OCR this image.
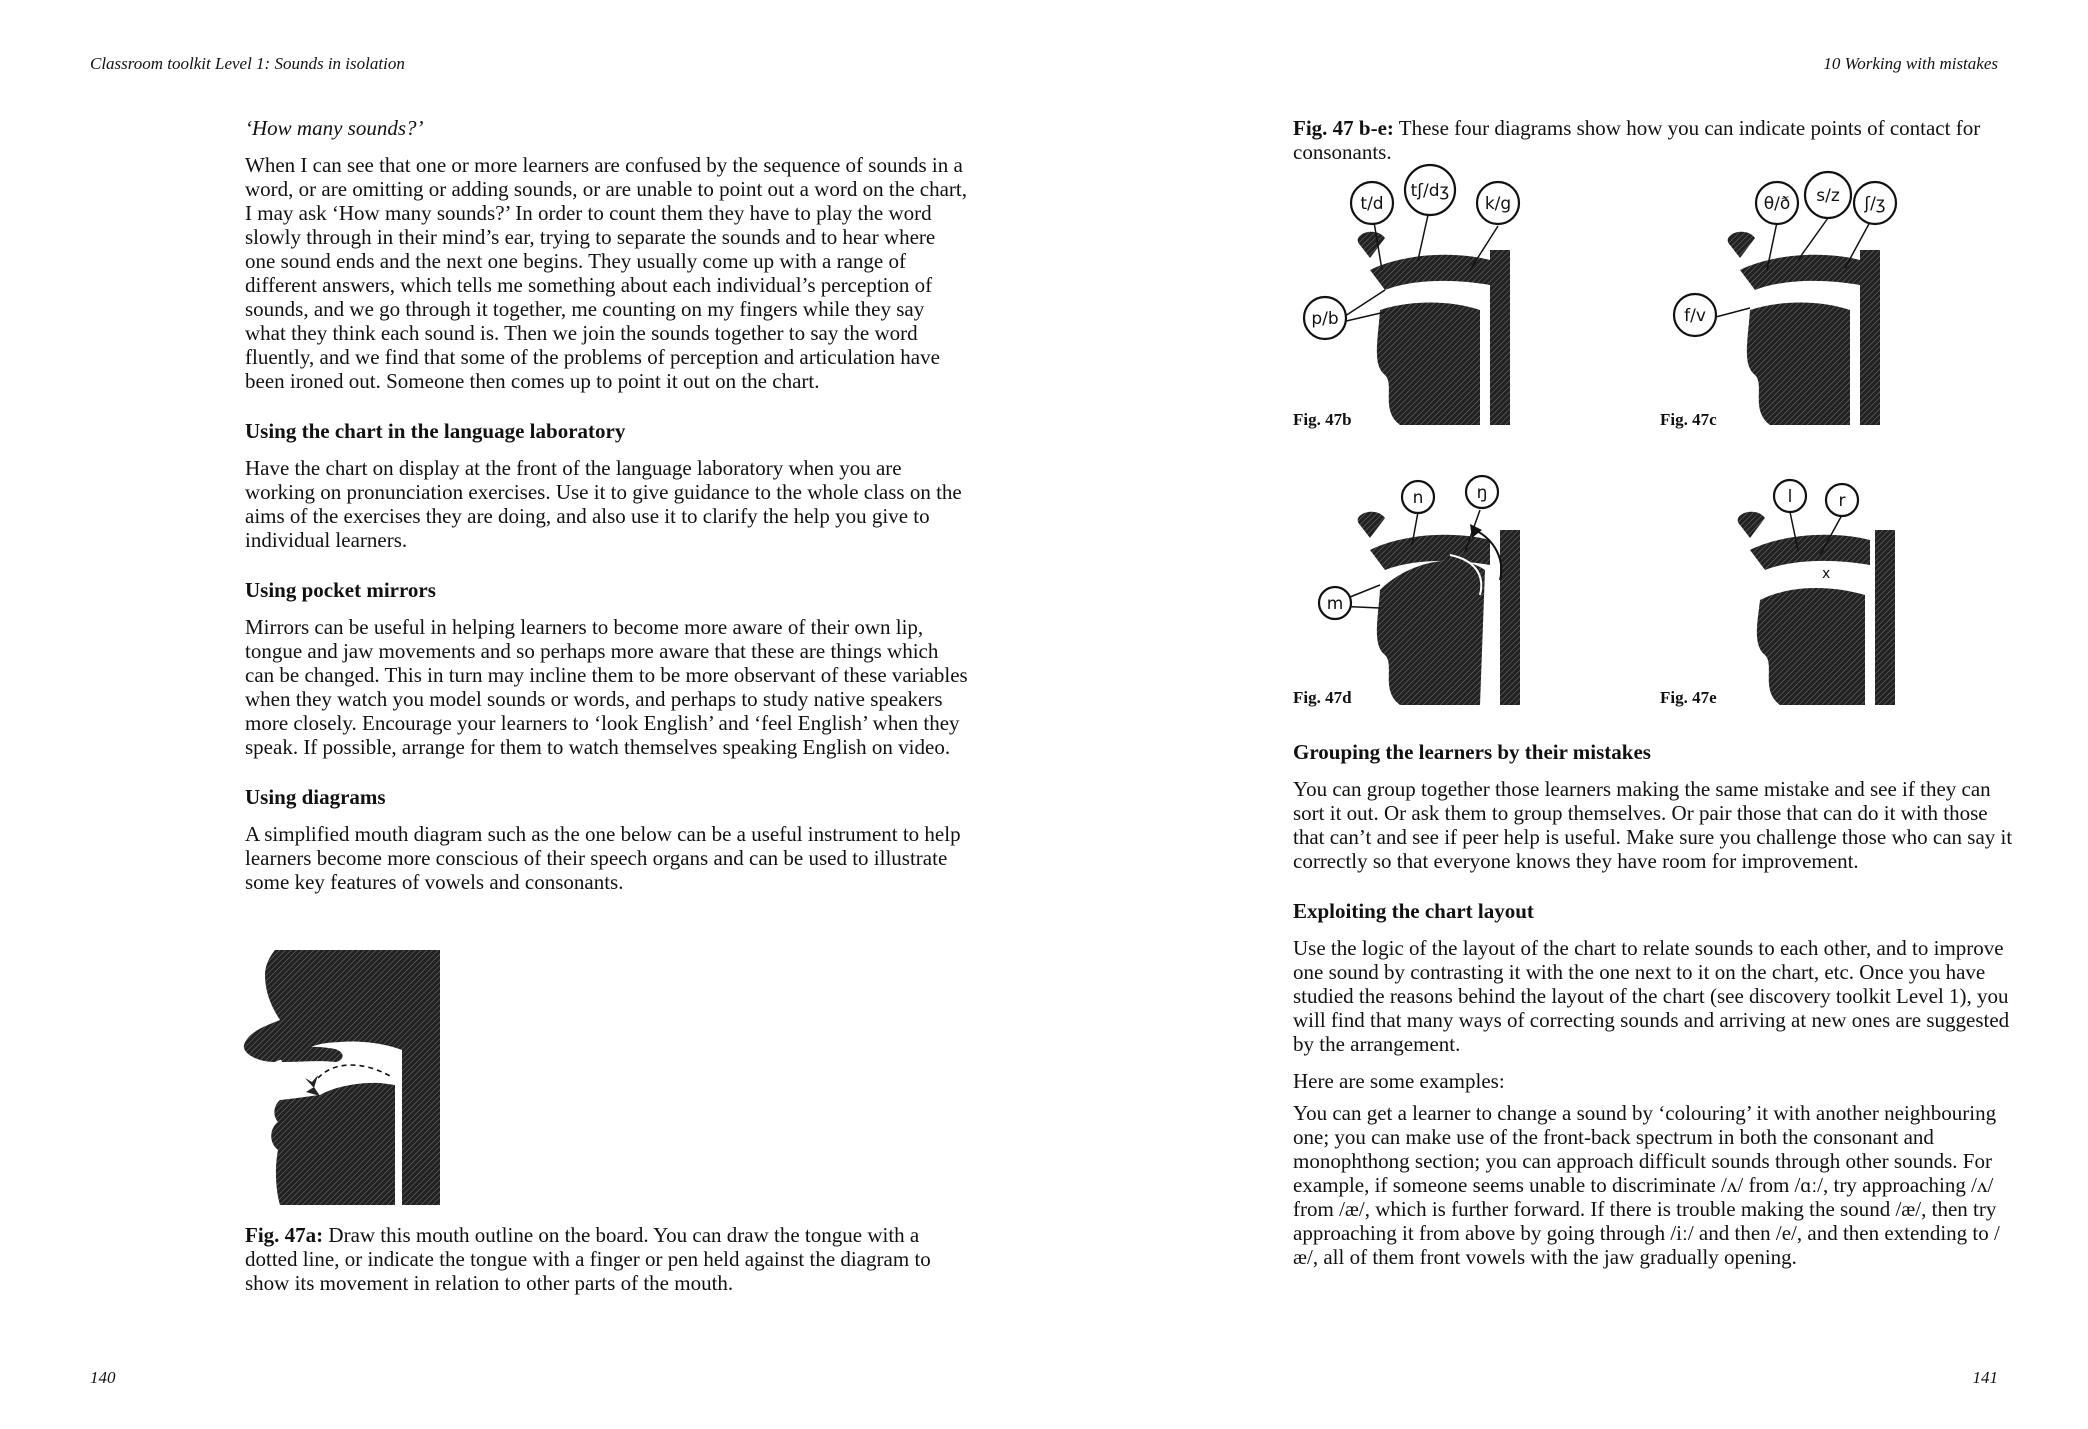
Classroom toolkit Level 1: Sounds in isolation	10 Working with mistakes

‘How many sounds?’

When I can see that one or more learners are confused by the sequence of sounds in a word, or are omitting or adding sounds, or are unable to point out a word on the chart, I may ask ‘How many sounds?’ In order to count them they have to play the word slowly through in their mind’s ear, trying to separate the sounds and to hear where one sound ends and the next one begins. They usually come up with a range of different answers, which tells me something about each individual’s perception of sounds, and we go through it together, me counting on my fingers while they say what they think each sound is. Then we join the sounds together to say the word fluently, and we find that some of the problems of perception and articulation have been ironed out. Someone then comes up to point it out on the chart.

Using the chart in the language laboratory

Have the chart on display at the front of the language laboratory when you are working on pronunciation exercises. Use it to give guidance to the whole class on the aims of the exercises they are doing, and also use it to clarify the help you give to individual learners.

Using pocket mirrors

Mirrors can be useful in helping learners to become more aware of their own lip, tongue and jaw movements and so perhaps more aware that these are things which can be changed. This in turn may incline them to be more observant of these variables when they watch you model sounds or words, and perhaps to study native speakers more closely. Encourage your learners to ‘look English’ and ‘feel English’ when they speak. If possible, arrange for them to watch themselves speaking English on video.

Using diagrams

A simplified mouth diagram such as the one below can be a useful instrument to help learners become more conscious of their speech organs and can be used to illustrate some key features of vowels and consonants.

Fig. 47a: Draw this mouth outline on the board. You can draw the tongue with a dotted line, or indicate the tongue with a finger or pen held against the diagram to show its movement in relation to other parts of the mouth.

140

Fig. 47 b-e: These four diagrams show how you can indicate points of contact for consonants.

t/d
tʃ/dʒ
k/g
p/b
Fig. 47b
θ/ð s/z ʃ/ʒ
f/v
Fig. 47c
n	ŋ
m
Fig. 47d
x
l	r
Fig. 47e
Grouping the learners by their mistakes

You can group together those learners making the same mistake and see if they can sort it out. Or ask them to group themselves. Or pair those that can do it with those that can’t and see if peer help is useful. Make sure you challenge those who can say it correctly so that everyone knows they have room for improvement.

Exploiting the chart layout

Use the logic of the layout of the chart to relate sounds to each other, and to improve one sound by contrasting it with the one next to it on the chart, etc. Once you have studied the reasons behind the layout of the chart (see discovery toolkit Level 1), you will find that many ways of correcting sounds and arriving at new ones are suggested by the arrangement.

Here are some examples:

You can get a learner to change a sound by ‘colouring’ it with another neighbouring one; you can make use of the front-back spectrum in both the consonant and monophthong section; you can approach difficult sounds through other sounds. For example, if someone seems unable to discriminate /ʌ/ from /ɑː/, try approaching /ʌ/ from /æ/, which is further forward. If there is trouble making the sound /æ/, then try approaching it from above by going through /iː/ and then /e/, and then extending to /æ/, all of them front vowels with the jaw gradually opening.

141
